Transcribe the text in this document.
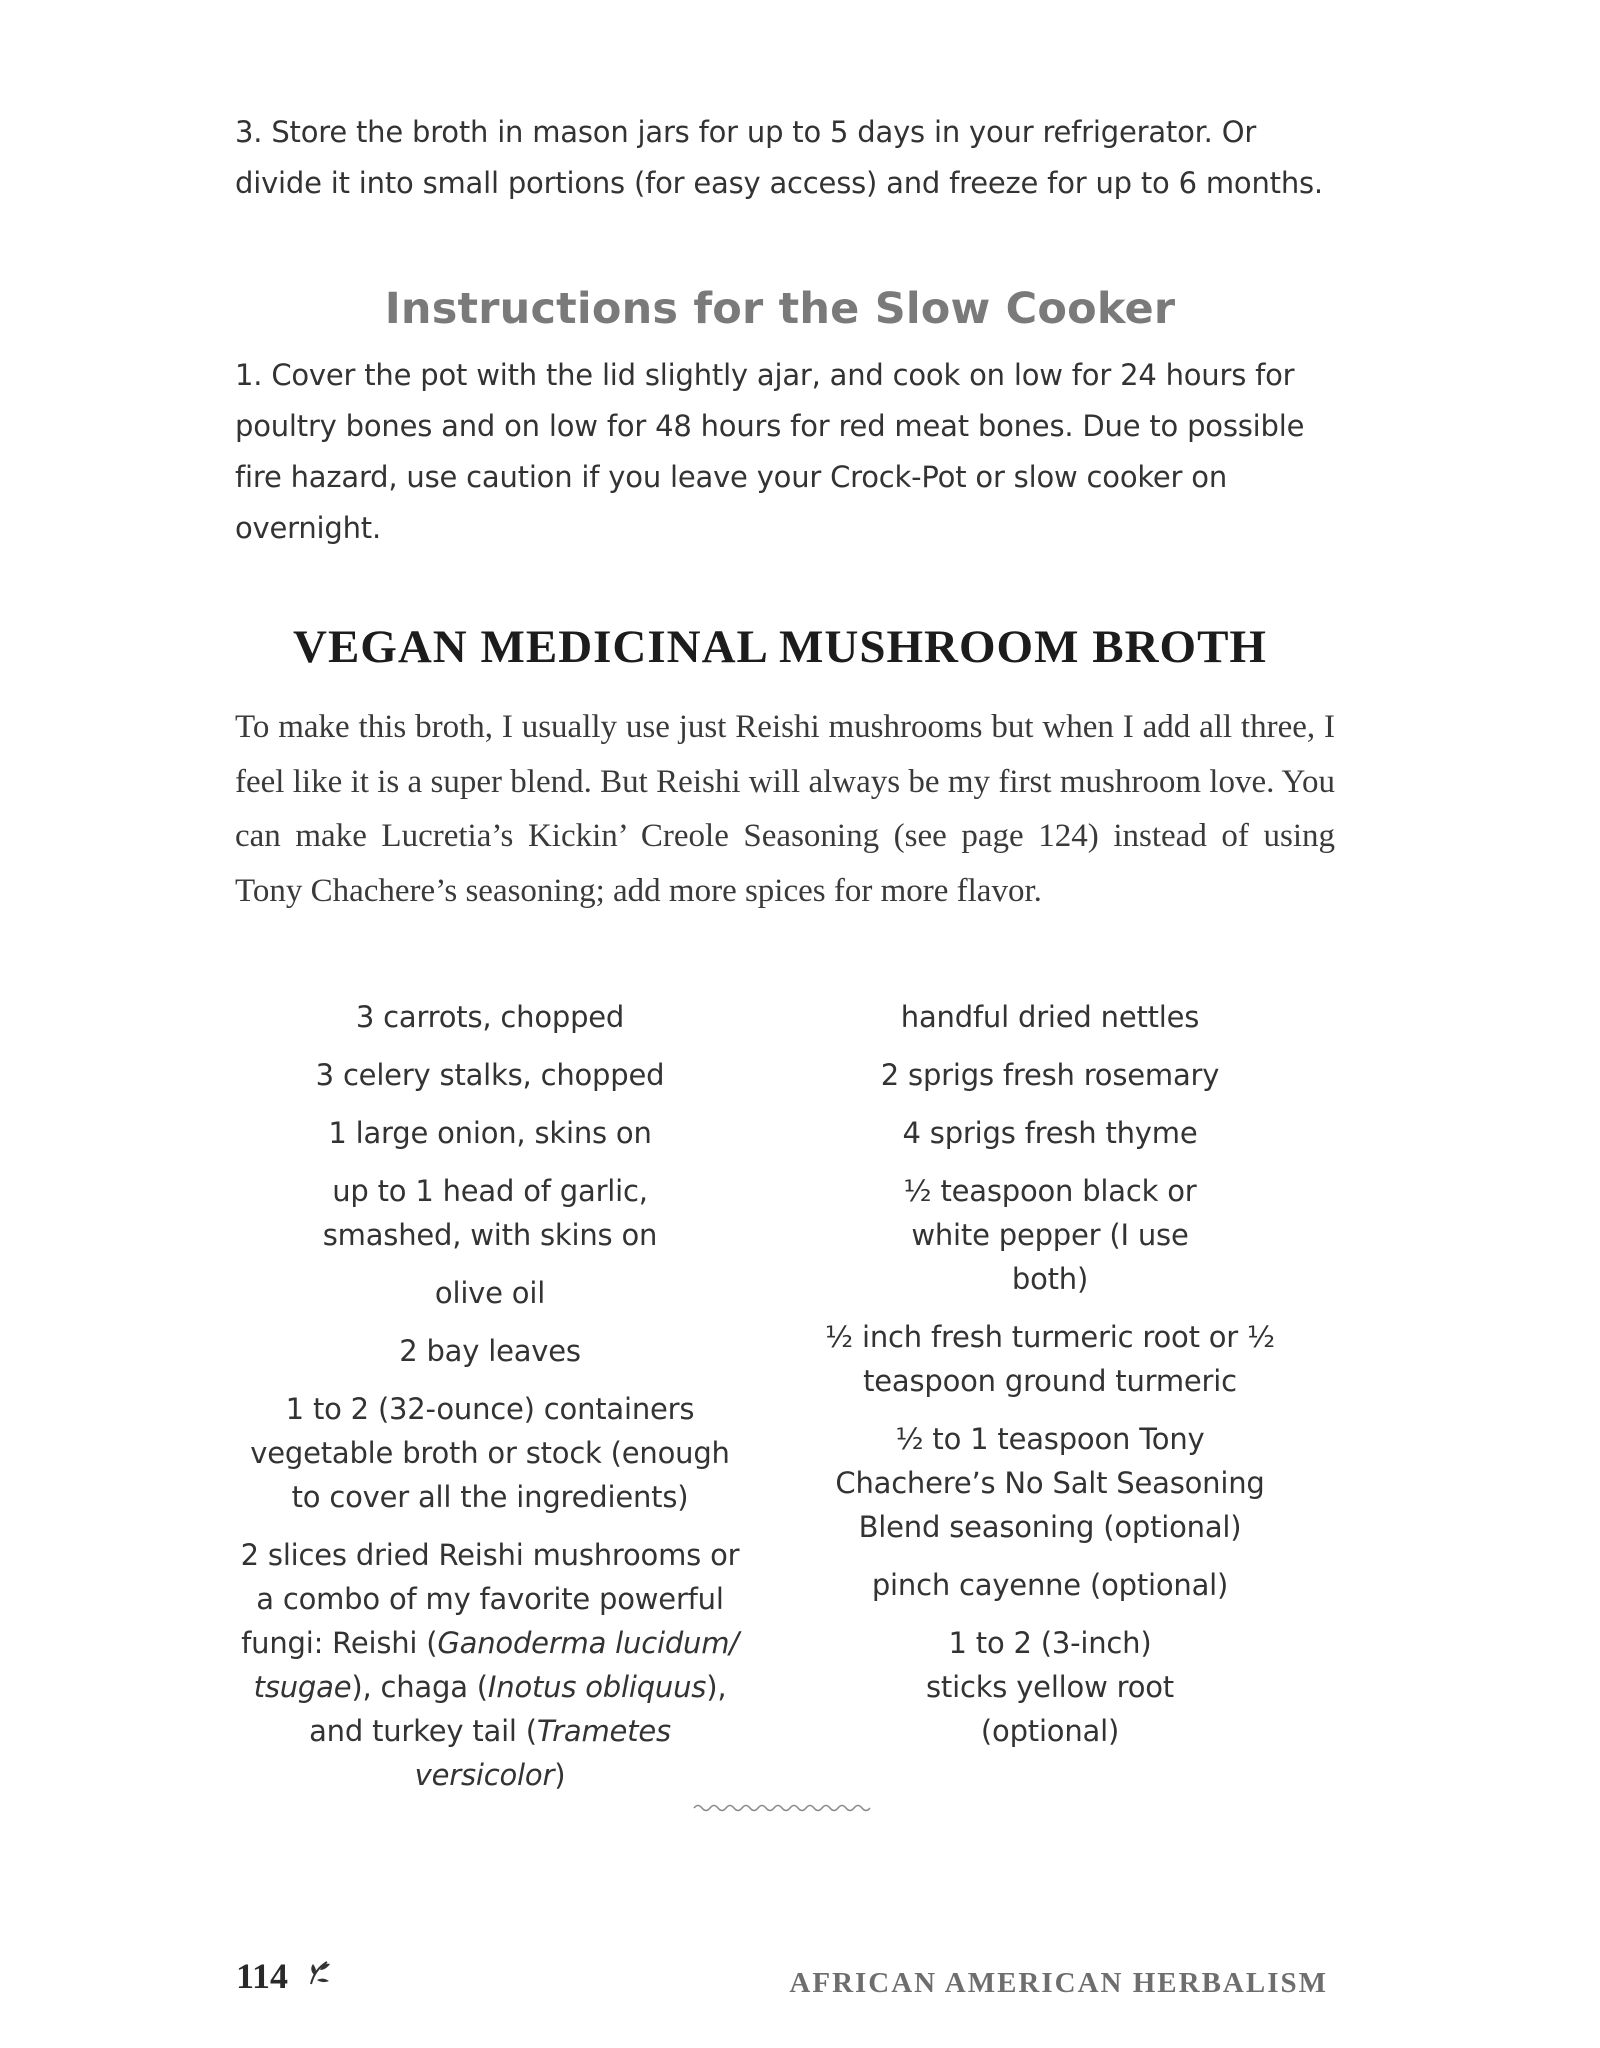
3. Store the broth in mason jars for up to 5 days in your refrigerator. Or divide it into small portions (for easy access) and freeze for up to 6 months.
Instructions for the Slow Cooker
1. Cover the pot with the lid slightly ajar, and cook on low for 24 hours for poultry bones and on low for 48 hours for red meat bones. Due to possible fire hazard, use caution if you leave your Crock-Pot or slow cooker on overnight.
VEGAN MEDICINAL MUSHROOM BROTH
To make this broth, I usually use just Reishi mushrooms but when I add all three, I feel like it is a super blend. But Reishi will always be my first mushroom love. You can make Lucretia’s Kickin’ Creole Seasoning (see page 124) instead of using Tony Chachere’s seasoning; add more spices for more flavor.
3 carrots, chopped
3 celery stalks, chopped
1 large onion, skins on
up to 1 head of garlic, smashed, with skins on
olive oil
2 bay leaves
1 to 2 (32-ounce) containers vegetable broth or stock (enough to cover all the ingredients)
2 slices dried Reishi mushrooms or a combo of my favorite powerful fungi: Reishi (Ganoderma lucidum/ tsugae), chaga (Inotus obliquus), and turkey tail (Trametes versicolor)
handful dried nettles
2 sprigs fresh rosemary
4 sprigs fresh thyme
½ teaspoon black or white pepper (I use both)
½ inch fresh turmeric root or ½ teaspoon ground turmeric
½ to 1 teaspoon Tony Chachere’s No Salt Seasoning Blend seasoning (optional)
pinch cayenne (optional)
1 to 2 (3-inch) sticks yellow root (optional)
114	AFRICAN AMERICAN HERBALISM
